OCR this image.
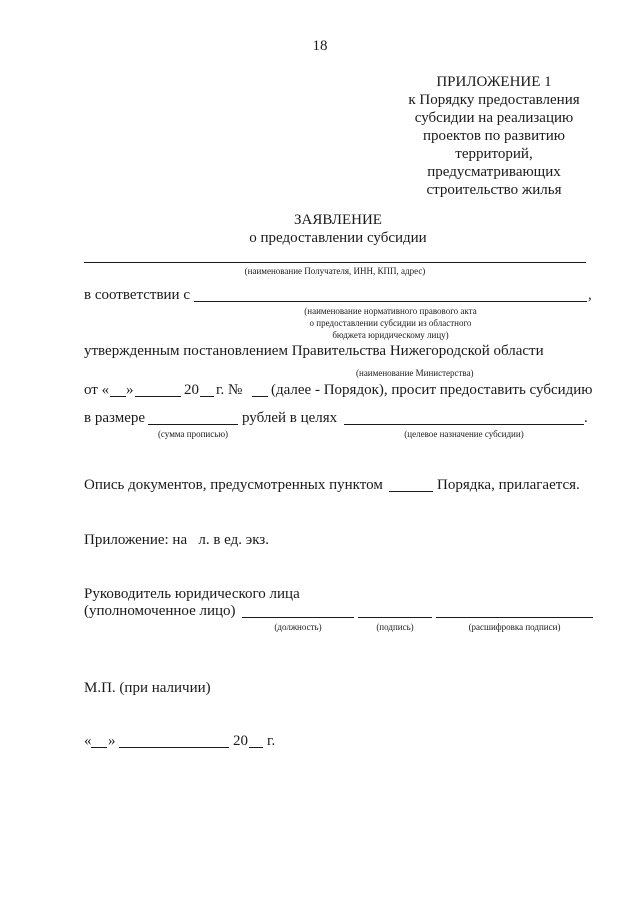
18
ПРИЛОЖЕНИЕ 1
к Порядку предоставления
субсидии на реализацию
проектов по развитию
территорий,
предусматривающих
строительство жилья
ЗАЯВЛЕНИЕ
о предоставлении субсидии
(наименование Получателя, ИНН, КПП, адрес)
в соответствии с	,
(наименование нормативного правового акта
о предоставлении субсидии из областного
бюджета юридическому лицу)
утвержденным постановлением Правительства Нижегородской области
(наименование Министерства)
от « »	20 г. № (далее - Порядок), просит предоставить субсидию
в размере	рублей в целях	.
(сумма прописью)	(целевое назначение субсидии)
Опись документов, предусмотренных пунктом	Порядка, прилагается.
Приложение: на   л. в ед. экз.
Руководитель юридического лица
(уполномоченное лицо)
(должность)	(подпись)	(расшифровка подписи)
М.П. (при наличии)
« »	20 г.
